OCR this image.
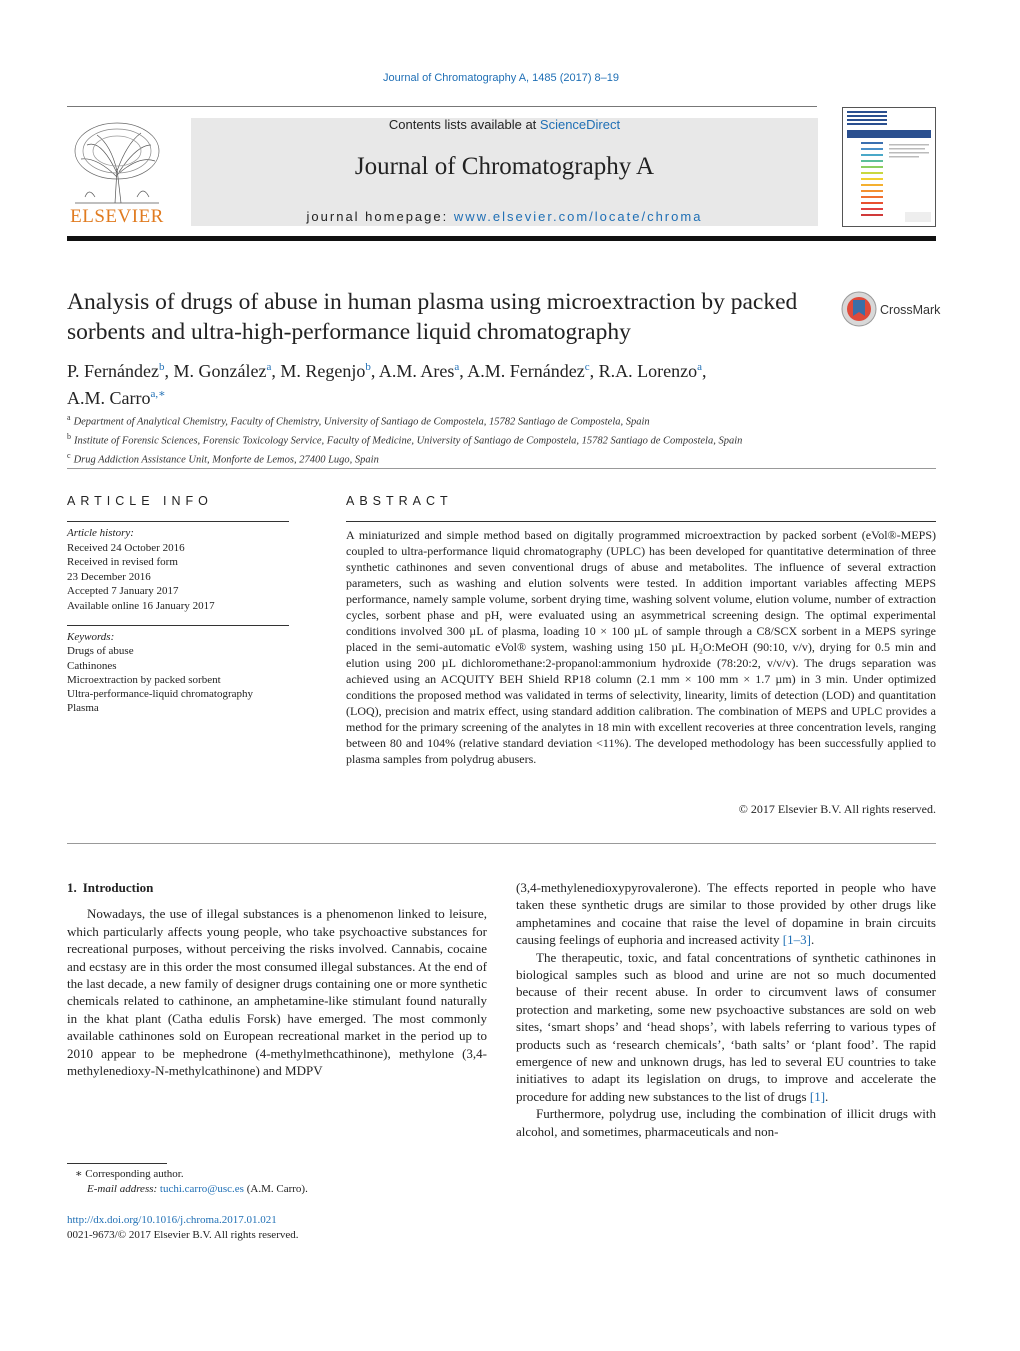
Journal of Chromatography A, 1485 (2017) 8–19
ELSEVIER
Contents lists available at ScienceDirect
Journal of Chromatography A
journal homepage: www.elsevier.com/locate/chroma
Analysis of drugs of abuse in human plasma using microextraction by packed sorbents and ultra-high-performance liquid chromatography
CrossMark
P. Fernández$^b$, M. González$^a$, M. Regenjo$^b$, A.M. Ares$^a$, A.M. Fernández$^c$, R.A. Lorenzo$^a$,
A.M. Carro$^{a,∗}$
$^a$ Department of Analytical Chemistry, Faculty of Chemistry, University of Santiago de Compostela, 15782 Santiago de Compostela, Spain
$^b$ Institute of Forensic Sciences, Forensic Toxicology Service, Faculty of Medicine, University of Santiago de Compostela, 15782 Santiago de Compostela, Spain
$^c$ Drug Addiction Assistance Unit, Monforte de Lemos, 27400 Lugo, Spain
ARTICLE INFO
Article history:
Received 24 October 2016
Received in revised form
23 December 2016
Accepted 7 January 2017
Available online 16 January 2017
Keywords:
Drugs of abuse
Cathinones
Microextraction by packed sorbent
Ultra-performance-liquid chromatography
Plasma
ABSTRACT
A miniaturized and simple method based on digitally programmed microextraction by packed sorbent (eVol®-MEPS) coupled to ultra-performance liquid chromatography (UPLC) has been developed for quantitative determination of three synthetic cathinones and seven conventional drugs of abuse and metabolites. The influence of several extraction parameters, such as washing and elution solvents were tested. In addition important variables affecting MEPS performance, namely sample volume, sorbent drying time, washing solvent volume, elution volume, number of extraction cycles, sorbent phase and pH, were evaluated using an asymmetrical screening design. The optimal experimental conditions involved 300 µL of plasma, loading 10 × 100 µL of sample through a C8/SCX sorbent in a MEPS syringe placed in the semi-automatic eVol® system, washing using 150 µL H₂O:MeOH (90:10, v/v), drying for 0.5 min and elution using 200 µL dichloromethane:2-propanol:ammonium hydroxide (78:20:2, v/v/v). The drugs separation was achieved using an ACQUITY BEH Shield RP18 column (2.1 mm × 100 mm × 1.7 µm) in 3 min. Under optimized conditions the proposed method was validated in terms of selectivity, linearity, limits of detection (LOD) and quantitation (LOQ), precision and matrix effect, using standard addition calibration. The combination of MEPS and UPLC provides a method for the primary screening of the analytes in 18 min with excellent recoveries at three concentration levels, ranging between 80 and 104% (relative standard deviation <11%). The developed methodology has been successfully applied to plasma samples from polydrug abusers.
© 2017 Elsevier B.V. All rights reserved.
1. Introduction

Nowadays, the use of illegal substances is a phenomenon linked to leisure, which particularly affects young people, who take psychoactive substances for recreational purposes, without perceiving the risks involved. Cannabis, cocaine and ecstasy are in this order the most consumed illegal substances. At the end of the last decade, a new family of designer drugs containing one or more synthetic chemicals related to cathinone, an amphetamine-like stimulant found naturally in the khat plant (Catha edulis Forsk) have emerged. The most commonly available cathinones sold on European recreational market in the period up to 2010 appear to be mephedrone (4-methylmethcathinone), methylone (3,4-methylenedioxy-N-methylcathinone) and MDPV

(3,4-methylenedioxypyrovalerone). The effects reported in people who have taken these synthetic drugs are similar to those provided by other drugs like amphetamines and cocaine that raise the level of dopamine in brain circuits causing feelings of euphoria and increased activity [1–3].

The therapeutic, toxic, and fatal concentrations of synthetic cathinones in biological samples such as blood and urine are not so much documented because of their recent abuse. In order to circumvent laws of consumer protection and marketing, some new psychoactive substances are sold on web sites, ‘smart shops’ and ‘head shops’, with labels referring to various types of products such as ‘research chemicals’, ‘bath salts’ or ‘plant food’. The rapid emergence of new and unknown drugs, has led to several EU countries to take initiatives to adapt its legislation on drugs, to improve and accelerate the procedure for adding new substances to the list of drugs [1].

Furthermore, polydrug use, including the combination of illicit drugs with alcohol, and sometimes, pharmaceuticals and non-

∗ Corresponding author.
E-mail address: tuchi.carro@usc.es (A.M. Carro).
http://dx.doi.org/10.1016/j.chroma.2017.01.021
0021-9673/© 2017 Elsevier B.V. All rights reserved.
